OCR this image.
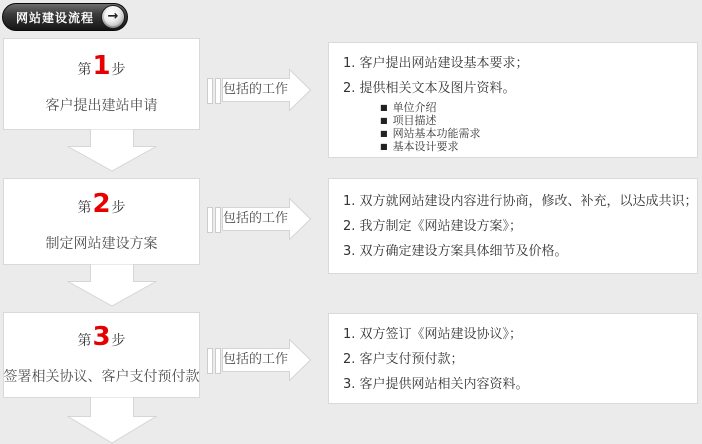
网站建设流程 →
第1步
客户提出建站申请
包括的工作
1. 客户提出网站建设基本要求；
2. 提供相关文本及图片资料。
■ 单位介绍
■ 项目描述
■ 网站基本功能需求
■ 基本设计要求
第2步
制定网站建设方案
包括的工作
1. 双方就网站建设内容进行协商，修改、补充，以达成共识；
2. 我方制定《网站建设方案》；
3. 双方确定建设方案具体细节及价格。
第3步
签署相关协议、客户支付预付款
包括的工作
1. 双方签订《网站建设协议》；
2. 客户支付预付款；
3. 客户提供网站相关内容资料。
